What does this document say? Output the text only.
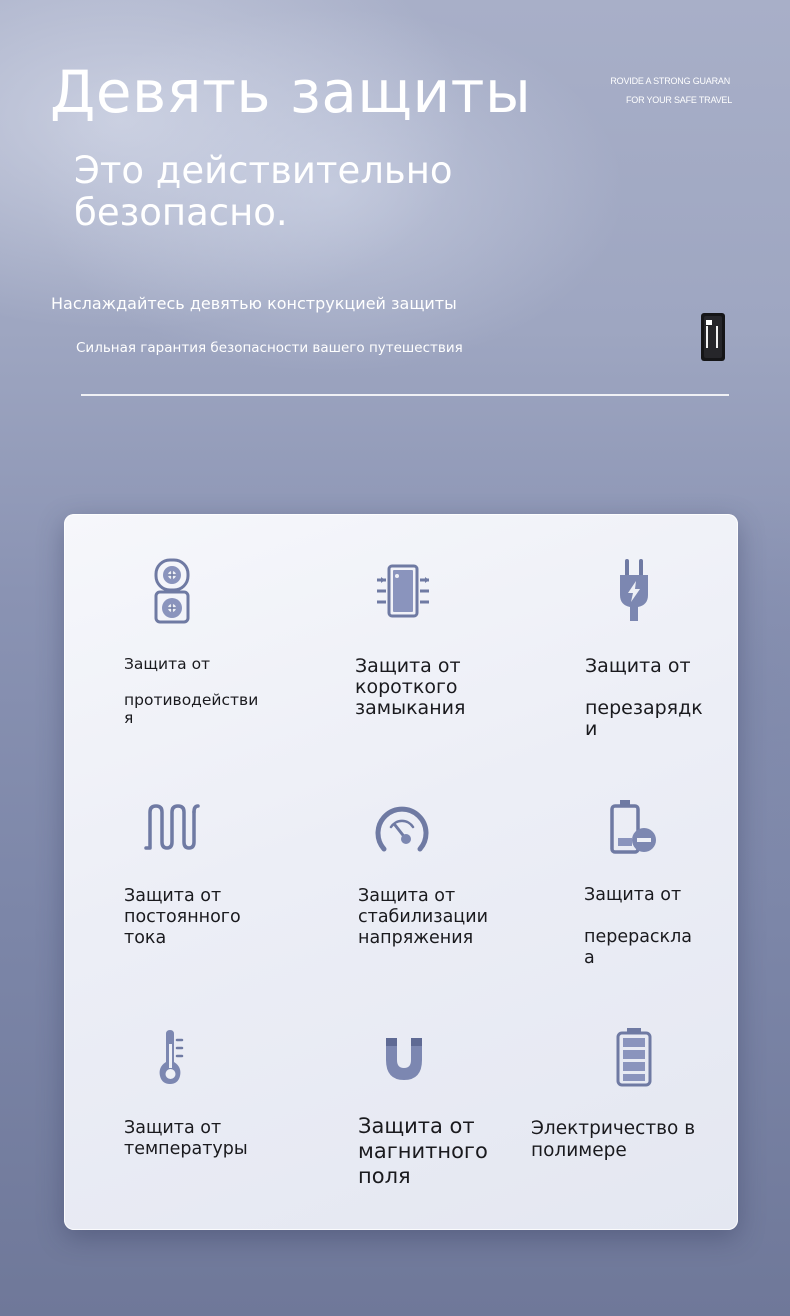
Девять защиты
Это действительно безопасно.
ROVIDE A STRONG GUARAN
FOR YOUR SAFE TRAVEL

Наслаждайтесь девятью конструкцией защиты

Сильная гарантия безопасности вашего путешествия

Защита от

противодействи
я

Защита от
короткого
замыкания

Защита от

перезарядк
и

Защита от
постоянного
тока

Защита от
стабилизации
напряжения

Защита от

перераскла
а

Защита от
температуры

Защита от
магнитного
поля

Электричество в
полимере
